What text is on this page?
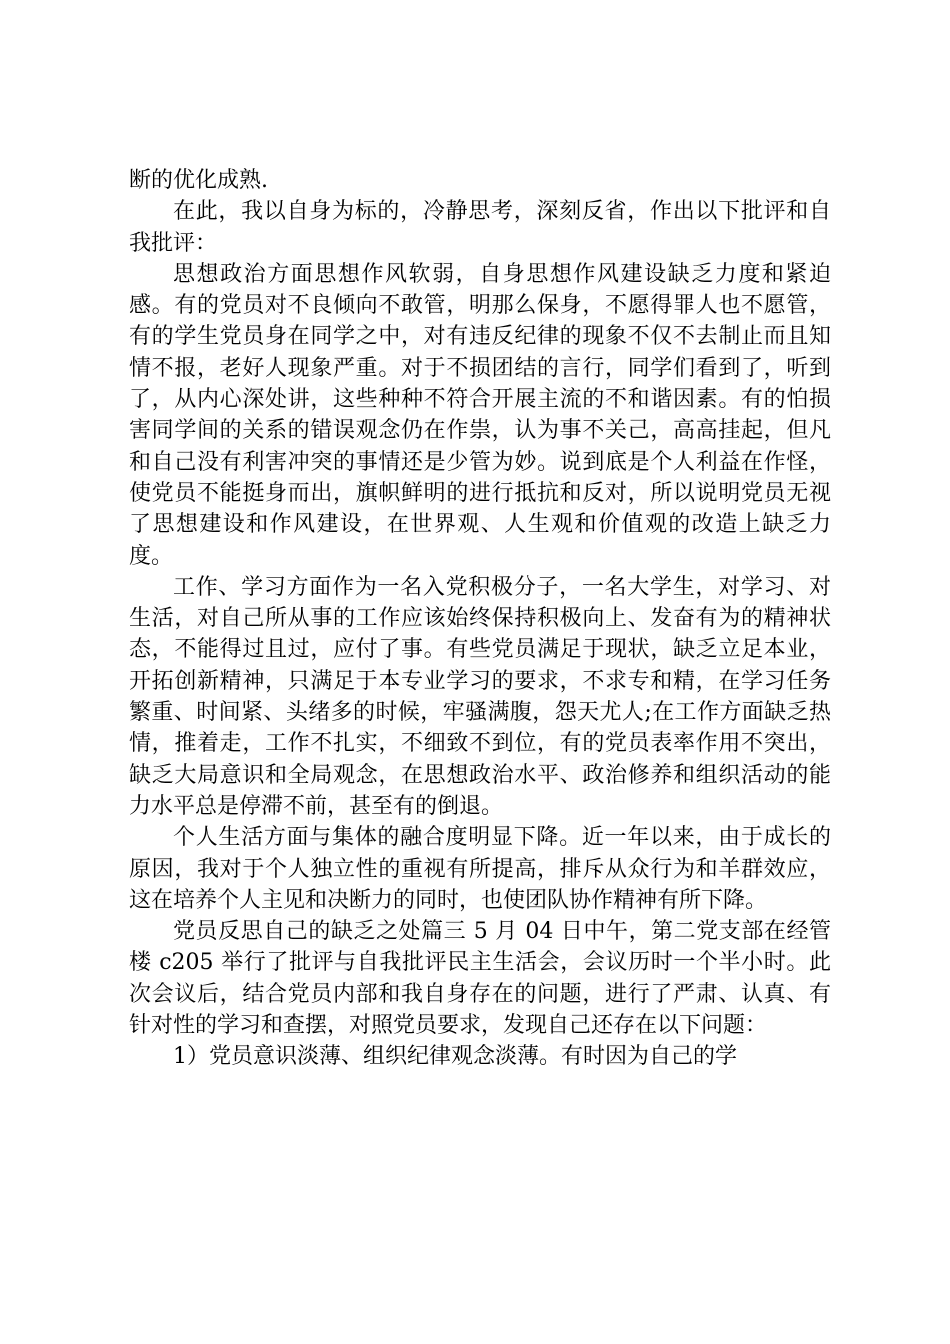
断的优化成熟.

在此，我以自身为标的，冷静思考，深刻反省，作出以下批评和自我批评：

思想政治方面思想作风软弱，自身思想作风建设缺乏力度和紧迫感。有的党员对不良倾向不敢管，明那么保身，不愿得罪人也不愿管，有的学生党员身在同学之中，对有违反纪律的现象不仅不去制止而且知情不报，老好人现象严重。对于不损团结的言行，同学们看到了，听到了，从内心深处讲，这些种种不符合开展主流的不和谐因素。有的怕损害同学间的关系的错误观念仍在作祟，认为事不关己，高高挂起，但凡和自己没有利害冲突的事情还是少管为妙。说到底是个人利益在作怪，使党员不能挺身而出，旗帜鲜明的进行抵抗和反对，所以说明党员无视了思想建设和作风建设，在世界观、人生观和价值观的改造上缺乏力度。

工作、学习方面作为一名入党积极分子，一名大学生，对学习、对生活，对自己所从事的工作应该始终保持积极向上、发奋有为的精神状态，不能得过且过，应付了事。有些党员满足于现状，缺乏立足本业，开拓创新精神，只满足于本专业学习的要求，不求专和精，在学习任务繁重、时间紧、头绪多的时候，牢骚满腹，怨天尤人;在工作方面缺乏热情，推着走，工作不扎实，不细致不到位，有的党员表率作用不突出，缺乏大局意识和全局观念，在思想政治水平、政治修养和组织活动的能力水平总是停滞不前，甚至有的倒退。

个人生活方面与集体的融合度明显下降。近一年以来，由于成长的原因，我对于个人独立性的重视有所提高，排斥从众行为和羊群效应，这在培养个人主见和决断力的同时，也使团队协作精神有所下降。

党员反思自己的缺乏之处篇三 5 月 04 日中午，第二党支部在经管楼 c205 举行了批评与自我批评民主生活会，会议历时一个半小时。此次会议后，结合党员内部和我自身存在的问题，进行了严肃、认真、有针对性的学习和查摆，对照党员要求，发现自己还存在以下问题：

1）党员意识淡薄、组织纪律观念淡薄。有时因为自己的学
